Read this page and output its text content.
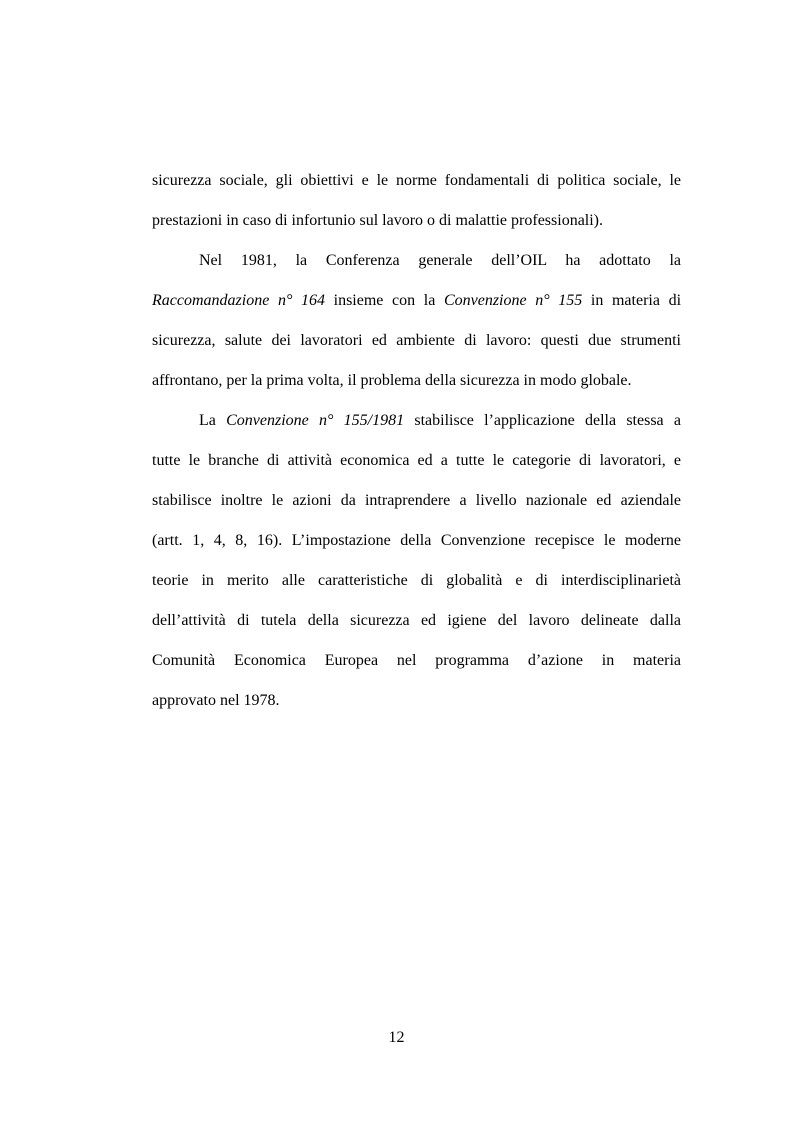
sicurezza sociale, gli obiettivi e le norme fondamentali di politica sociale, le
prestazioni in caso di infortunio sul lavoro o di malattie professionali).
Nel 1981, la Conferenza generale dell’OIL ha adottato la
Raccomandazione n° 164 insieme con la Convenzione n° 155 in materia di
sicurezza, salute dei lavoratori ed ambiente di lavoro: questi due strumenti
affrontano, per la prima volta, il problema della sicurezza in modo globale.
La Convenzione n° 155/1981 stabilisce l’applicazione della stessa a
tutte le branche di attività economica ed a tutte le categorie di lavoratori, e
stabilisce inoltre le azioni da intraprendere a livello nazionale ed aziendale
(artt. 1, 4, 8, 16). L’impostazione della Convenzione recepisce le moderne
teorie in merito alle caratteristiche di globalità e di interdisciplinarietà
dell’attività di tutela della sicurezza ed igiene del lavoro delineate dalla
Comunità Economica Europea nel programma d’azione in materia
approvato nel 1978.
12
